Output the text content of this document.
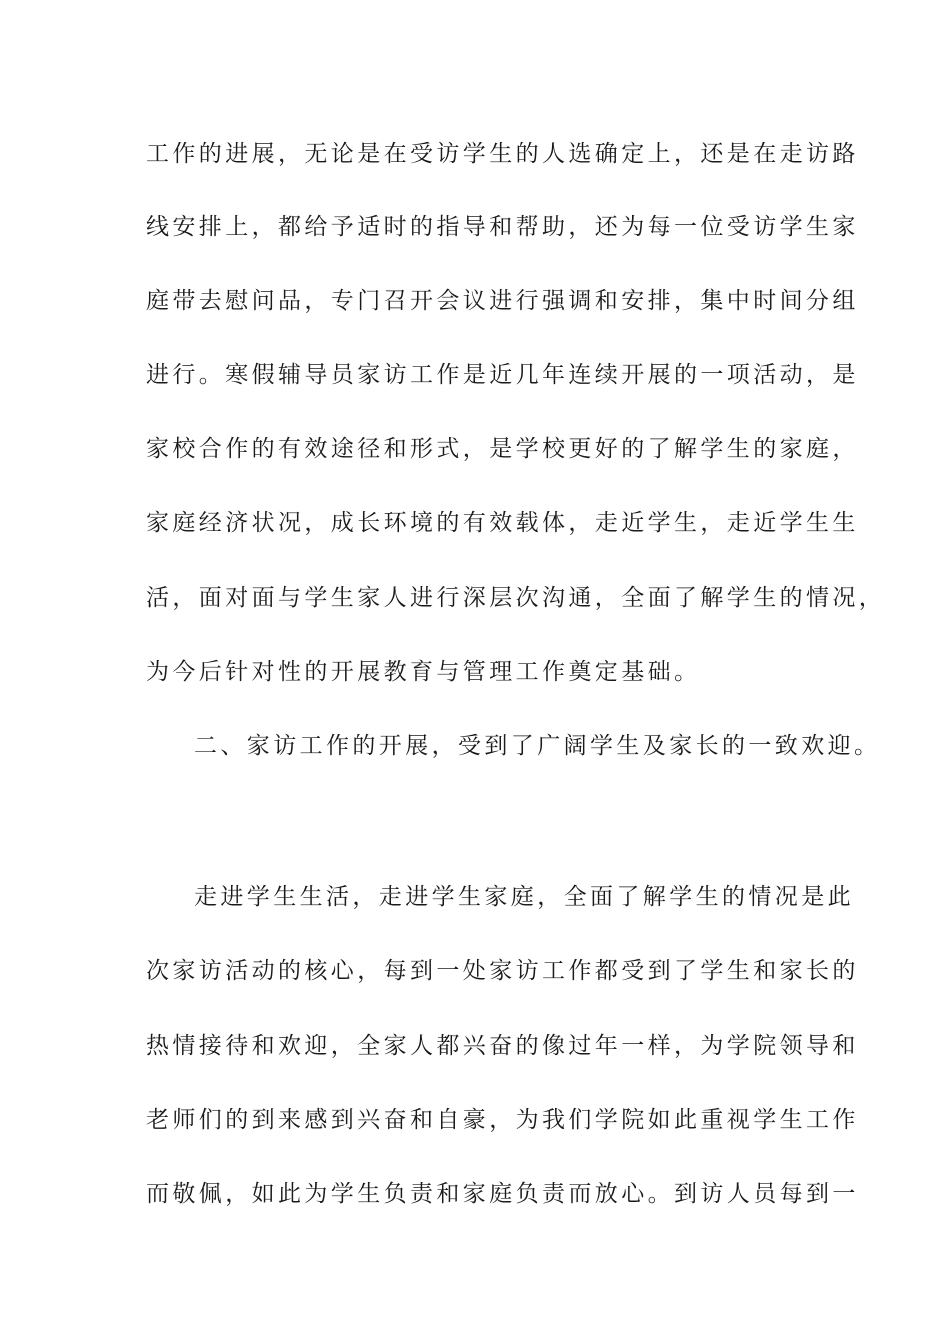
工作的进展，无论是在受访学生的人选确定上，还是在走访路
线安排上，都给予适时的指导和帮助，还为每一位受访学生家
庭带去慰问品，专门召开会议进行强调和安排，集中时间分组
进行。寒假辅导员家访工作是近几年连续开展的一项活动，是
家校合作的有效途径和形式，是学校更好的了解学生的家庭，
家庭经济状况，成长环境的有效载体，走近学生，走近学生生
活，面对面与学生家人进行深层次沟通，全面了解学生的情况，
为今后针对性的开展教育与管理工作奠定基础。
二、家访工作的开展，受到了广阔学生及家长的一致欢迎。
走进学生生活，走进学生家庭，全面了解学生的情况是此
次家访活动的核心，每到一处家访工作都受到了学生和家长的
热情接待和欢迎，全家人都兴奋的像过年一样，为学院领导和
老师们的到来感到兴奋和自豪，为我们学院如此重视学生工作
而敬佩，如此为学生负责和家庭负责而放心。到访人员每到一
